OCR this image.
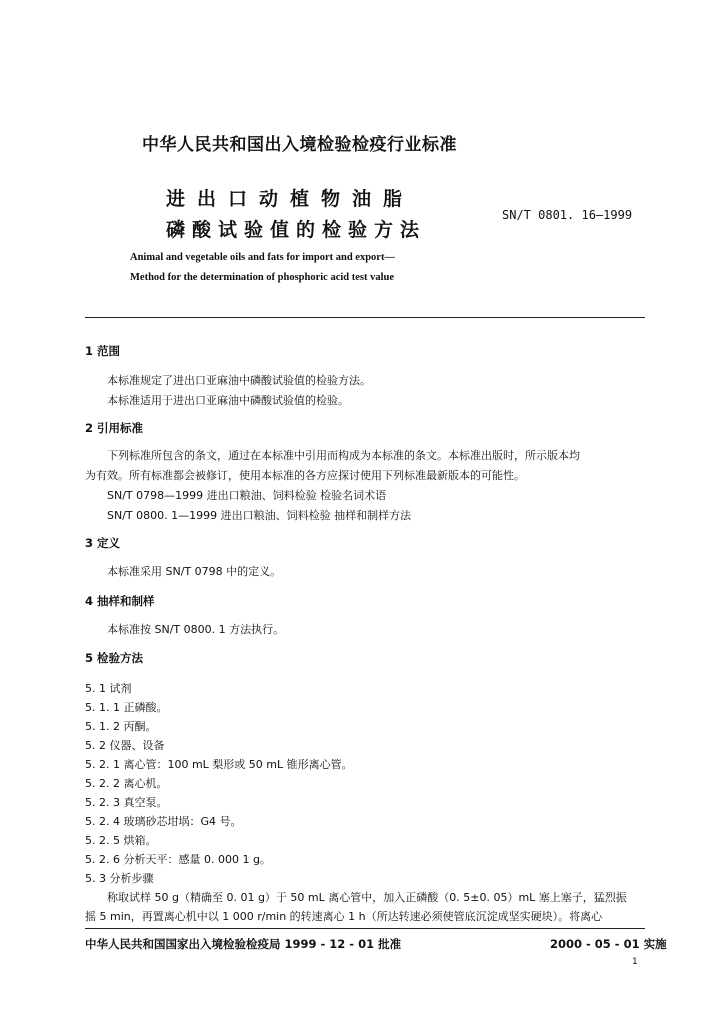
中华人民共和国出入境检验检疫行业标准
进出口动植物油脂
磷酸试验值的检验方法
SN/T 0801. 16—1999
Animal and vegetable oils and fats for import and export—
Method for the determination of phosphoric acid test value
1 范围
本标准规定了进出口亚麻油中磷酸试验值的检验方法。
本标准适用于进出口亚麻油中磷酸试验值的检验。
2 引用标准
下列标准所包含的条文，通过在本标准中引用而构成为本标准的条文。本标准出版时，所示版本均
为有效。所有标准都会被修订，使用本标准的各方应探讨使用下列标准最新版本的可能性。
SN/T 0798—1999 进出口粮油、饲料检验 检验名词术语
SN/T 0800. 1—1999 进出口粮油、饲料检验 抽样和制样方法
3 定义
本标准采用 SN/T 0798 中的定义。
4 抽样和制样
本标准按 SN/T 0800. 1 方法执行。
5 检验方法
5. 1 试剂
5. 1. 1 正磷酸。
5. 1. 2 丙酮。
5. 2 仪器、设备
5. 2. 1 离心管：100 mL 梨形或 50 mL 锥形离心管。
5. 2. 2 离心机。
5. 2. 3 真空泵。
5. 2. 4 玻璃砂芯坩埚：G4 号。
5. 2. 5 烘箱。
5. 2. 6 分析天平：感量 0. 000 1 g。
5. 3 分析步骤
称取试样 50 g（精确至 0. 01 g）于 50 mL 离心管中，加入正磷酸（0. 5±0. 05）mL 塞上塞子，猛烈振
摇 5 min，再置离心机中以 1 000 r/min 的转速离心 1 h（所达转速必须使管底沉淀成坚实硬块）。将离心
中华人民共和国国家出入境检验检疫局 1999 - 12 - 01 批准	2000 - 05 - 01 实施
1
